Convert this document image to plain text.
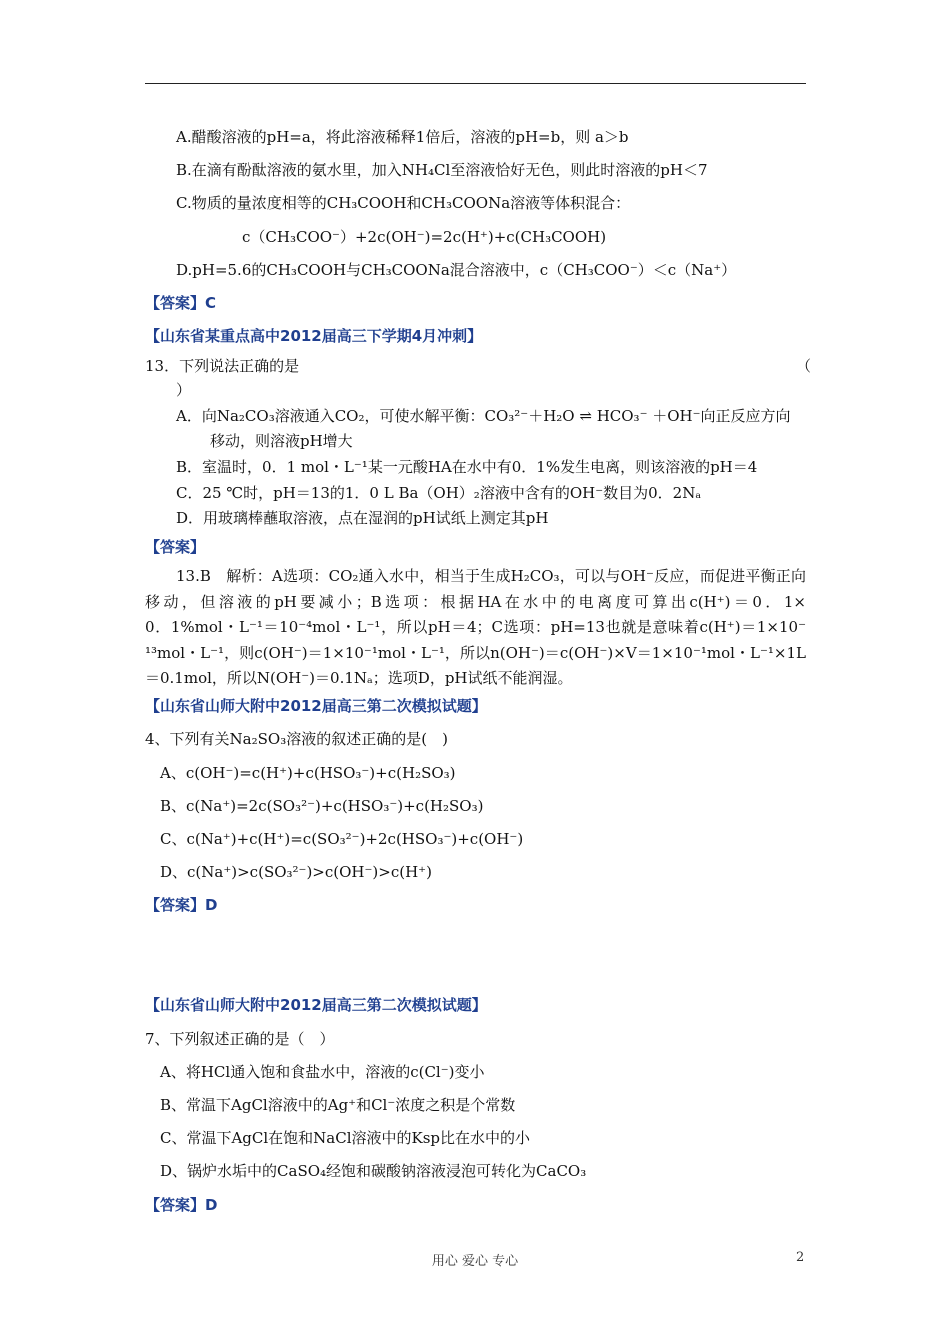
A.醋酸溶液的pH=a，将此溶液稀释1倍后，溶液的pH=b，则 a＞b
B.在滴有酚酞溶液的氨水里，加入NH₄Cl至溶液恰好无色，则此时溶液的pH＜7
C.物质的量浓度相等的CH₃COOH和CH₃COONa溶液等体积混合：
c（CH₃COO⁻）+2c(OH⁻)=2c(H⁺)+c(CH₃COOH)
D.pH=5.6的CH₃COOH与CH₃COONa混合溶液中，c（CH₃COO⁻）＜c（Na⁺）
【答案】C
【山东省某重点高中2012届高三下学期4月冲刺】
13．下列说法正确的是	（
）
A．向Na₂CO₃溶液通入CO₂，可使水解平衡：CO₃²⁻＋H₂O ⇌ HCO₃⁻ ＋OH⁻向正反应方向
移动，则溶液pH增大
B．室温时，0．1 mol・L⁻¹某一元酸HA在水中有0．1%发生电离，则该溶液的pH＝4
C．25 ℃时，pH＝13的1．0 L Ba（OH）₂溶液中含有的OH⁻数目为0．2Nₐ
D．用玻璃棒蘸取溶液，点在湿润的pH试纸上测定其pH
【答案】
13.B　解析：A选项：CO₂通入水中，相当于生成H₂CO₃，可以与OH⁻反应，而促进平衡正向
移动，但溶液的pH要减小；B选项：根据HA在水中的电离度可算出c(H⁺)＝0．1×
0．1%mol・L⁻¹＝10⁻⁴mol・L⁻¹，所以pH＝4；C选项：pH=13也就是意味着c(H⁺)＝1×10⁻
¹³mol・L⁻¹，则c(OH⁻)＝1×10⁻¹mol・L⁻¹，所以n(OH⁻)＝c(OH⁻)×V＝1×10⁻¹mol・L⁻¹×1L
＝0.1mol，所以N(OH⁻)＝0.1Nₐ；选项D，pH试纸不能润湿。
【山东省山师大附中2012届高三第二次模拟试题】
4、下列有关Na₂SO₃溶液的叙述正确的是(　)
A、c(OH⁻)=c(H⁺)+c(HSO₃⁻)+c(H₂SO₃)
B、c(Na⁺)=2c(SO₃²⁻)+c(HSO₃⁻)+c(H₂SO₃)
C、c(Na⁺)+c(H⁺)=c(SO₃²⁻)+2c(HSO₃⁻)+c(OH⁻)
D、c(Na⁺)>c(SO₃²⁻)>c(OH⁻)>c(H⁺)
【答案】D
【山东省山师大附中2012届高三第二次模拟试题】
7、下列叙述正确的是（　）
A、将HCl通入饱和食盐水中，溶液的c(Cl⁻)变小
B、常温下AgCl溶液中的Ag⁺和Cl⁻浓度之积是个常数
C、常温下AgCl在饱和NaCl溶液中的Ksp比在水中的小
D、锅炉水垢中的CaSO₄经饱和碳酸钠溶液浸泡可转化为CaCO₃
【答案】D
用心 爱心 专心	2
